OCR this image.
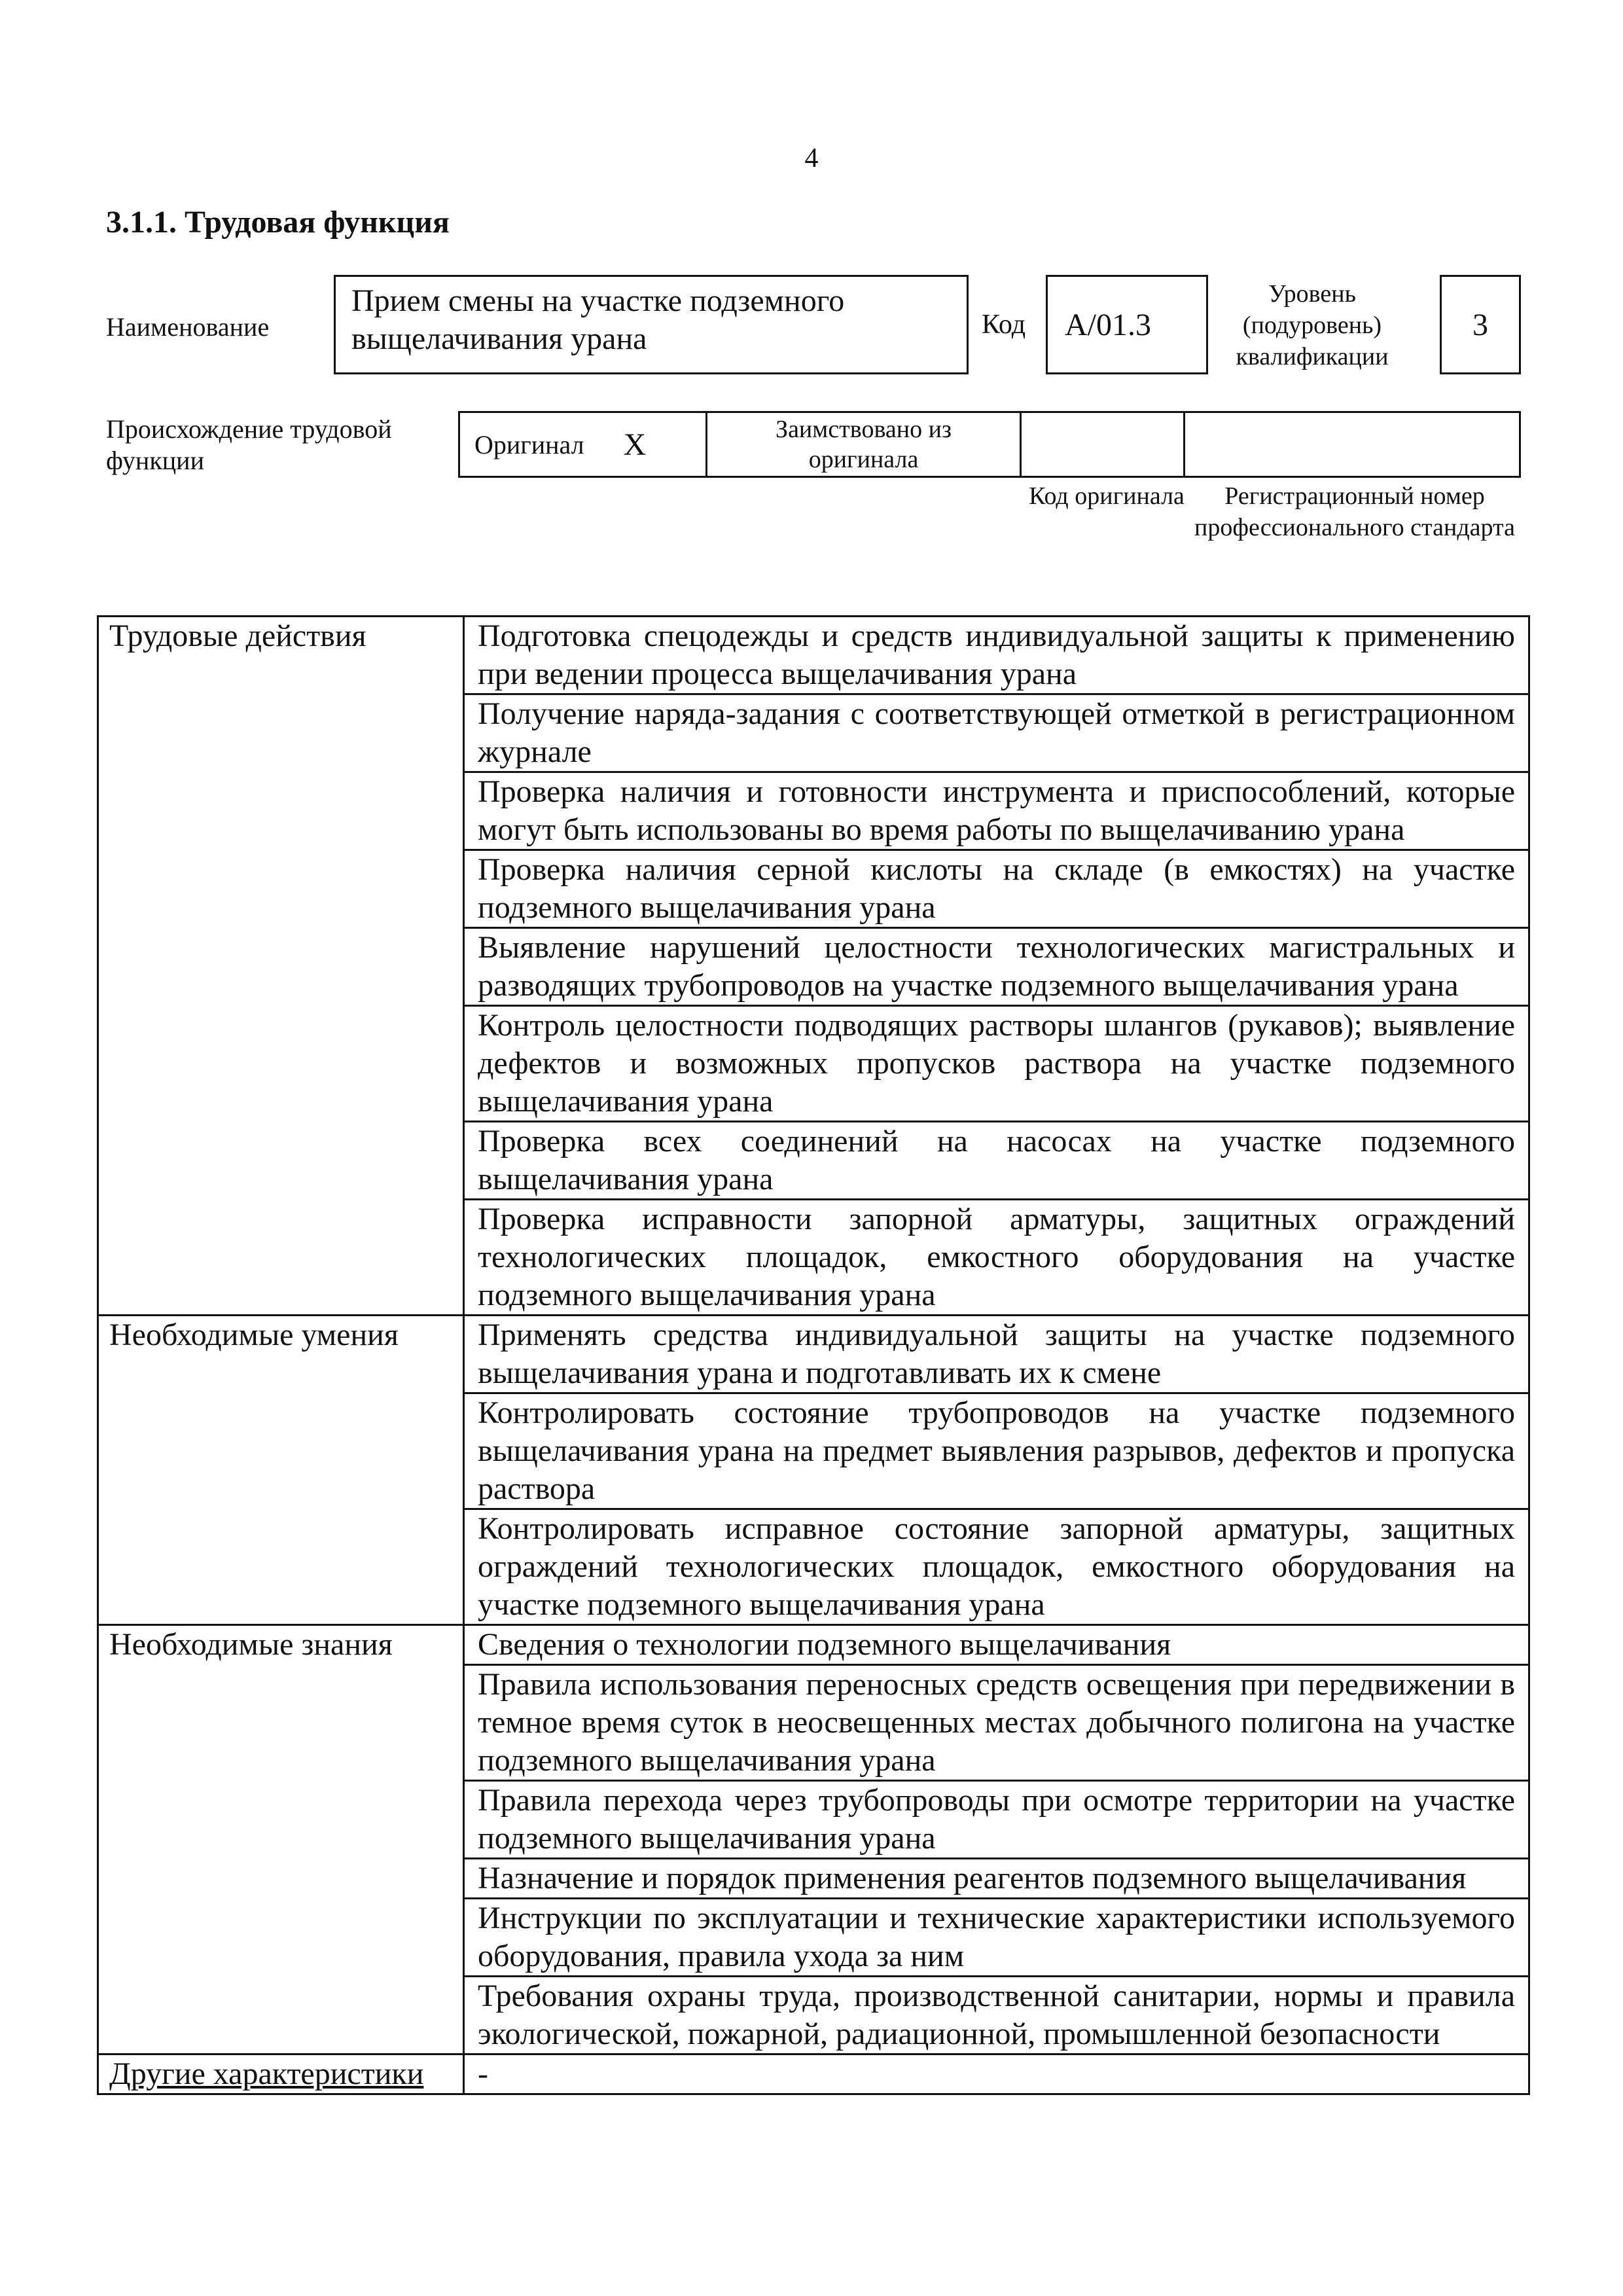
4
3.1.1. Трудовая функция
Наименование
Прием смены на участке подземного выщелачивания урана	Код А/01.3
Уровень (подуровень) квалификации
3
Происхождение трудовой функции
Оригинал X	Заимствовано из оригинала
Код оригинала	Регистрационный номер профессионального стандарта
Трудовые действия	Подготовка спецодежды и средств индивидуальной защиты к применению при ведении процесса выщелачивания урана
	Получение наряда-задания с соответствующей отметкой в регистрационном журнале
	Проверка наличия и готовности инструмента и приспособлений, которые могут быть использованы во время работы по выщелачиванию урана
	Проверка наличия серной кислоты на складе (в емкостях) на участке подземного выщелачивания урана
	Выявление нарушений целостности технологических магистральных и разводящих трубопроводов на участке подземного выщелачивания урана
	Контроль целостности подводящих растворы шлангов (рукавов); выявление дефектов и возможных пропусков раствора на участке подземного выщелачивания урана
	Проверка всех соединений на насосах на участке подземного выщелачивания урана
	Проверка исправности запорной арматуры, защитных ограждений технологических площадок, емкостного оборудования на участке подземного выщелачивания урана
Необходимые умения	Применять средства индивидуальной защиты на участке подземного выщелачивания урана и подготавливать их к смене
	Контролировать состояние трубопроводов на участке подземного выщелачивания урана на предмет выявления разрывов, дефектов и пропуска раствора
	Контролировать исправное состояние запорной арматуры, защитных ограждений технологических площадок, емкостного оборудования на участке подземного выщелачивания урана
Необходимые знания	Сведения о технологии подземного выщелачивания
	Правила использования переносных средств освещения при передвижении в темное время суток в неосвещенных местах добычного полигона на участке подземного выщелачивания урана
	Правила перехода через трубопроводы при осмотре территории на участке подземного выщелачивания урана
	Назначение и порядок применения реагентов подземного выщелачивания
	Инструкции по эксплуатации и технические характеристики используемого оборудования, правила ухода за ним
	Требования охраны труда, производственной санитарии, нормы и правила экологической, пожарной, радиационной, промышленной безопасности
Другие характеристики	-
